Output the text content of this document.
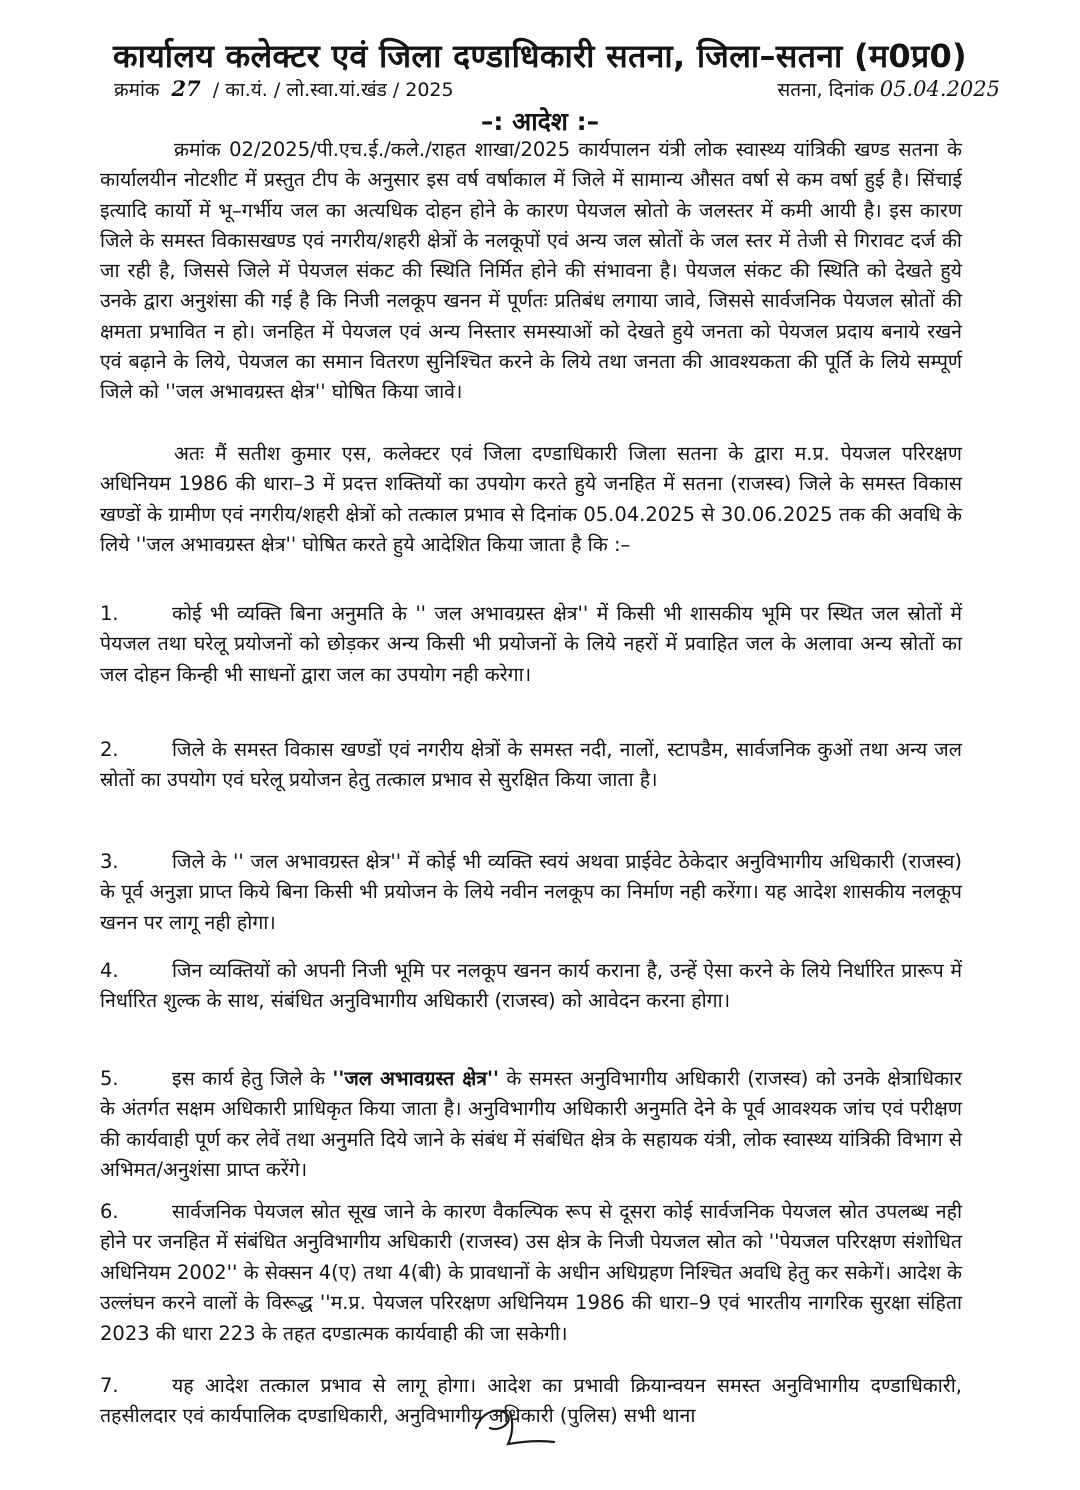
कार्यालय कलेक्टर एवं जिला दण्डाधिकारी सतना, जिला–सतना (म0प्र0)
क्रमांक 27 / का.यं. / लो.स्वा.यां.खंड / 2025	सतना, दिनांक 05.04.2025
–: आदेश :–
क्रमांक 02/2025/पी.एच.ई./कले./राहत शाखा/2025 कार्यपालन यंत्री लोक स्वास्थ्य यांत्रिकी खण्ड सतना के कार्यालयीन नोटशीट में प्रस्तुत टीप के अनुसार इस वर्ष वर्षाकाल में जिले में सामान्य औसत वर्षा से कम वर्षा हुई है। सिंचाई इत्यादि कार्यो में भू–गर्भीय जल का अत्यधिक दोहन होने के कारण पेयजल स्रोतो के जलस्तर में कमी आयी है। इस कारण जिले के समस्त विकासखण्ड एवं नगरीय/शहरी क्षेत्रों के नलकूपों एवं अन्य जल स्रोतों के जल स्तर में तेजी से गिरावट दर्ज की जा रही है, जिससे जिले में पेयजल संकट की स्थिति निर्मित होने की संभावना है। पेयजल संकट की स्थिति को देखते हुये उनके द्वारा अनुशंसा की गई है कि निजी नलकूप खनन में पूर्णतः प्रतिबंध लगाया जावे, जिससे सार्वजनिक पेयजल स्रोतों की क्षमता प्रभावित न हो। जनहित में पेयजल एवं अन्य निस्तार समस्याओं को देखते हुये जनता को पेयजल प्रदाय बनाये रखने एवं बढ़ाने के लिये, पेयजल का समान वितरण सुनिश्चित करने के लिये तथा जनता की आवश्यकता की पूर्ति के लिये सम्पूर्ण जिले को ''जल अभावग्रस्त क्षेत्र'' घोषित किया जावे।
अतः मैं सतीश कुमार एस, कलेक्टर एवं जिला दण्डाधिकारी जिला सतना के द्वारा म.प्र. पेयजल परिरक्षण अधिनियम 1986 की धारा–3 में प्रदत्त शक्तियों का उपयोग करते हुये जनहित में सतना (राजस्व) जिले के समस्त विकास खण्डों के ग्रामीण एवं नगरीय/शहरी क्षेत्रों को तत्काल प्रभाव से दिनांक 05.04.2025 से 30.06.2025 तक की अवधि के लिये ''जल अभावग्रस्त क्षेत्र'' घोषित करते हुये आदेशित किया जाता है कि :–
1.	कोई भी व्यक्ति बिना अनुमति के '' जल अभावग्रस्त क्षेत्र'' में किसी भी शासकीय भूमि पर स्थित जल स्रोतों में पेयजल तथा घरेलू प्रयोजनों को छोड़कर अन्य किसी भी प्रयोजनों के लिये नहरों में प्रवाहित जल के अलावा अन्य स्रोतों का जल दोहन किन्ही भी साधनों द्वारा जल का उपयोग नही करेगा।
2.	जिले के समस्त विकास खण्डों एवं नगरीय क्षेत्रों के समस्त नदी, नालों, स्टापडैम, सार्वजनिक कुओं तथा अन्य जल स्रोतों का उपयोग एवं घरेलू प्रयोजन हेतु तत्काल प्रभाव से सुरक्षित किया जाता है।
3.	जिले के '' जल अभावग्रस्त क्षेत्र'' में कोई भी व्यक्ति स्वयं अथवा प्राईवेट ठेकेदार अनुविभागीय अधिकारी (राजस्व) के पूर्व अनुज्ञा प्राप्त किये बिना किसी भी प्रयोजन के लिये नवीन नलकूप का निर्माण नही करेंगा। यह आदेश शासकीय नलकूप खनन पर लागू नही होगा।
4.	जिन व्यक्तियों को अपनी निजी भूमि पर नलकूप खनन कार्य कराना है, उन्हें ऐसा करने के लिये निर्धारित प्रारूप में निर्धारित शुल्क के साथ, संबंधित अनुविभागीय अधिकारी (राजस्व) को आवेदन करना होगा।
5.	इस कार्य हेतु जिले के ''जल अभावग्रस्त क्षेत्र'' के समस्त अनुविभागीय अधिकारी (राजस्व) को उनके क्षेत्राधिकार के अंतर्गत सक्षम अधिकारी प्राधिकृत किया जाता है। अनुविभागीय अधिकारी अनुमति देने के पूर्व आवश्यक जांच एवं परीक्षण की कार्यवाही पूर्ण कर लेवें तथा अनुमति दिये जाने के संबंध में संबंधित क्षेत्र के सहायक यंत्री, लोक स्वास्थ्य यांत्रिकी विभाग से अभिमत/अनुशंसा प्राप्त करेंगे।
6.	सार्वजनिक पेयजल स्रोत सूख जाने के कारण वैकल्पिक रूप से दूसरा कोई सार्वजनिक पेयजल स्रोत उपलब्ध नही होने पर जनहित में संबंधित अनुविभागीय अधिकारी (राजस्व) उस क्षेत्र के निजी पेयजल स्रोत को ''पेयजल परिरक्षण संशोधित अधिनियम 2002'' के सेक्सन 4(ए) तथा 4(बी) के प्रावधानों के अधीन अधिग्रहण निश्चित अवधि हेतु कर सकेगें। आदेश के उल्लंघन करने वालों के विरूद्ध ''म.प्र. पेयजल परिरक्षण अधिनियम 1986 की धारा–9 एवं भारतीय नागरिक सुरक्षा संहिता 2023 की धारा 223 के तहत दण्डात्मक कार्यवाही की जा सकेगी।
7.	यह आदेश तत्काल प्रभाव से लागू होगा। आदेश का प्रभावी क्रियान्वयन समस्त अनुविभागीय दण्डाधिकारी, तहसीलदार एवं कार्यपालिक दण्डाधिकारी, अनुविभागीय अधिकारी (पुलिस) सभी थाना
